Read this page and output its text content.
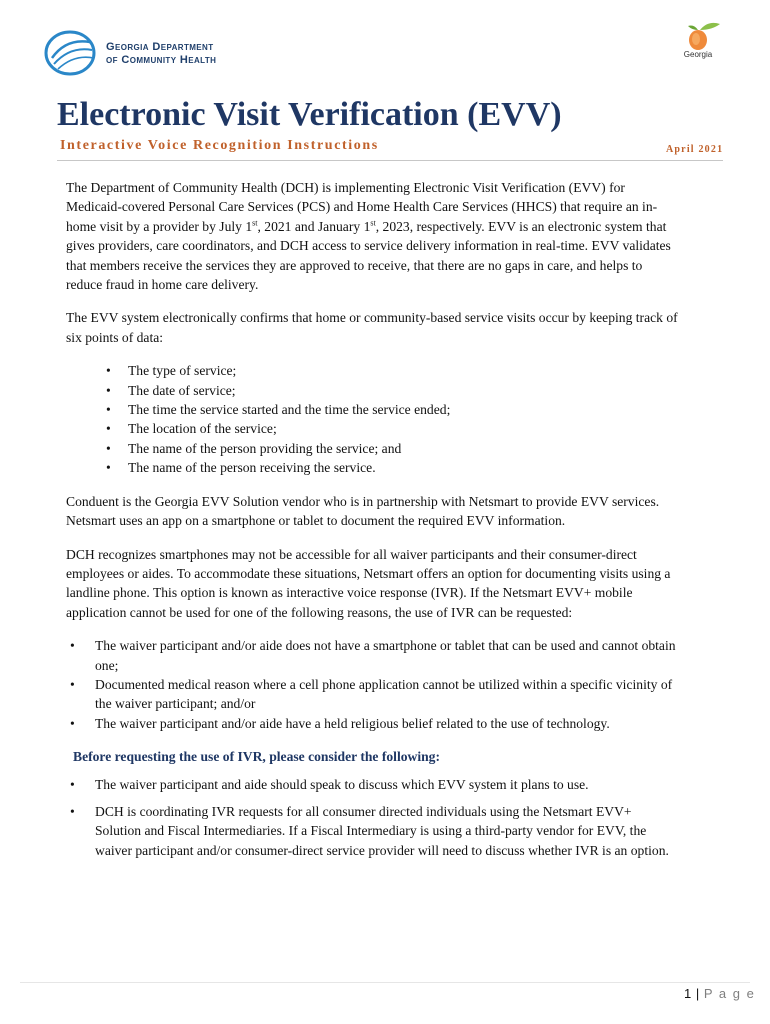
Georgia Department
of Community Health	Georgia
Electronic Visit Verification (EVV)
Interactive Voice Recognition Instructions	April 2021

The Department of Community Health (DCH) is implementing Electronic Visit Verification (EVV) for Medicaid-covered Personal Care Services (PCS) and Home Health Care Services (HHCS) that require an in-home visit by a provider by July 1st, 2021 and January 1st, 2023, respectively. EVV is an electronic system that gives providers, care coordinators, and DCH access to service delivery information in real-time. EVV validates that members receive the services they are approved to receive, that there are no gaps in care, and helps to reduce fraud in home care delivery.

The EVV system electronically confirms that home or community-based service visits occur by keeping track of six points of data:

• The type of service;
• The date of service;
• The time the service started and the time the service ended;
• The location of the service;
• The name of the person providing the service; and
• The name of the person receiving the service.

Conduent is the Georgia EVV Solution vendor who is in partnership with Netsmart to provide EVV services. Netsmart uses an app on a smartphone or tablet to document the required EVV information.

DCH recognizes smartphones may not be accessible for all waiver participants and their consumer-direct employees or aides. To accommodate these situations, Netsmart offers an option for documenting visits using a landline phone. This option is known as interactive voice response (IVR). If the Netsmart EVV+ mobile application cannot be used for one of the following reasons, the use of IVR can be requested:

• The waiver participant and/or aide does not have a smartphone or tablet that can be used and cannot obtain one;
• Documented medical reason where a cell phone application cannot be utilized within a specific vicinity of the waiver participant; and/or
• The waiver participant and/or aide have a held religious belief related to the use of technology.
Before requesting the use of IVR, please consider the following:
• The waiver participant and aide should speak to discuss which EVV system it plans to use.
• DCH is coordinating IVR requests for all consumer directed individuals using the Netsmart EVV+ Solution and Fiscal Intermediaries. If a Fiscal Intermediary is using a third-party vendor for EVV, the waiver participant and/or consumer-direct service provider will need to discuss whether IVR is an option.
1 | P a g e
